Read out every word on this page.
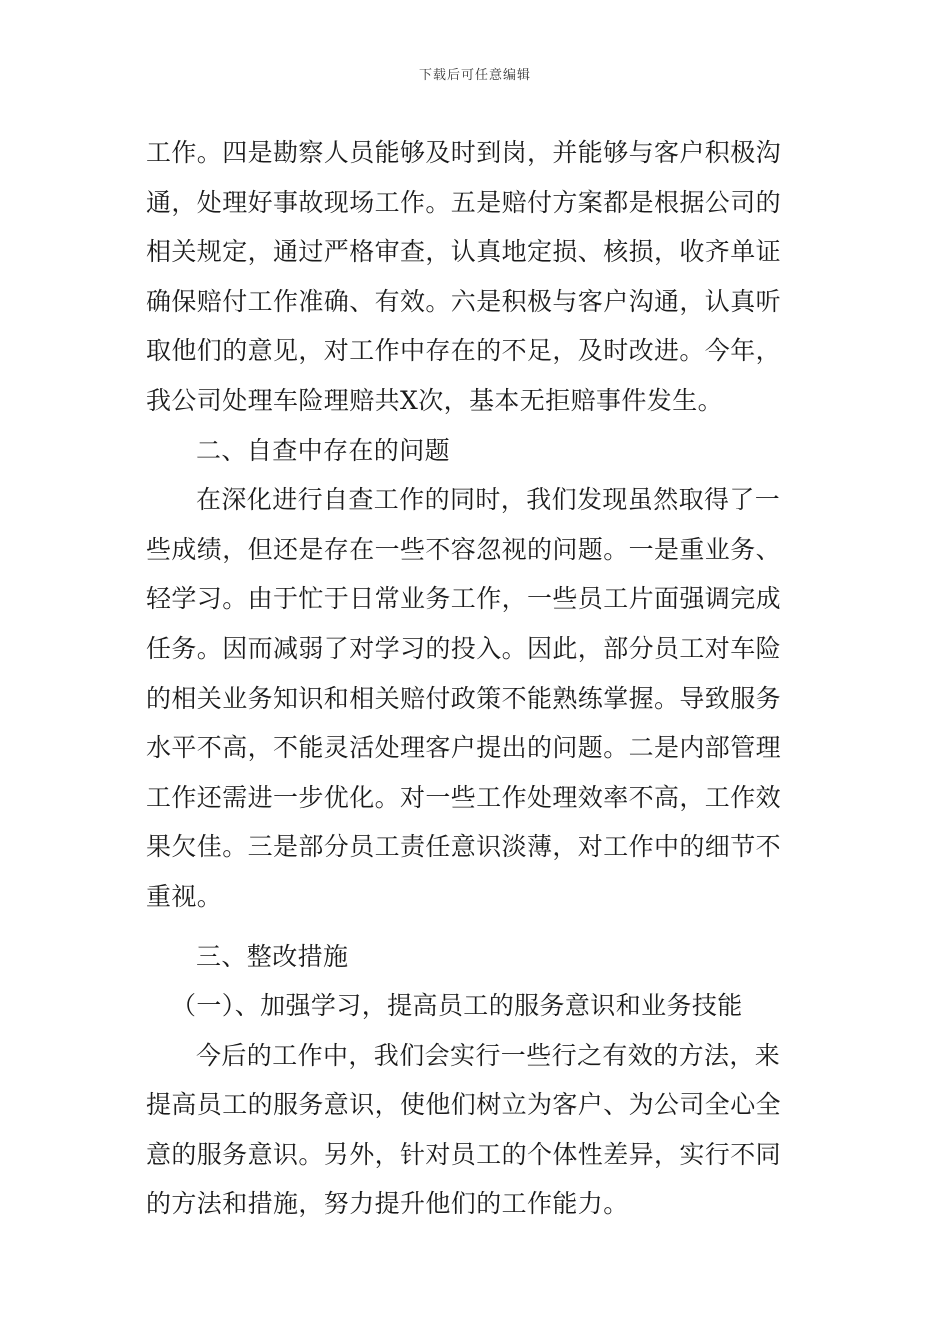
下载后可任意编辑
工作。四是勘察人员能够及时到岗，并能够与客户积极沟
通，处理好事故现场工作。五是赔付方案都是根据公司的
相关规定，通过严格审查，认真地定损、核损，收齐单证
确保赔付工作准确、有效。六是积极与客户沟通，认真听
取他们的意见，对工作中存在的不足，及时改进。今年，
我公司处理车险理赔共X次，基本无拒赔事件发生。
二、自查中存在的问题
在深化进行自查工作的同时，我们发现虽然取得了一
些成绩，但还是存在一些不容忽视的问题。一是重业务、
轻学习。由于忙于日常业务工作，一些员工片面强调完成
任务。因而减弱了对学习的投入。因此，部分员工对车险
的相关业务知识和相关赔付政策不能熟练掌握。导致服务
水平不高，不能灵活处理客户提出的问题。二是内部管理
工作还需进一步优化。对一些工作处理效率不高，工作效
果欠佳。三是部分员工责任意识淡薄，对工作中的细节不
重视。
三、整改措施
（一）、加强学习，提高员工的服务意识和业务技能
今后的工作中，我们会实行一些行之有效的方法，来
提高员工的服务意识，使他们树立为客户、为公司全心全
意的服务意识。另外，针对员工的个体性差异，实行不同
的方法和措施，努力提升他们的工作能力。
